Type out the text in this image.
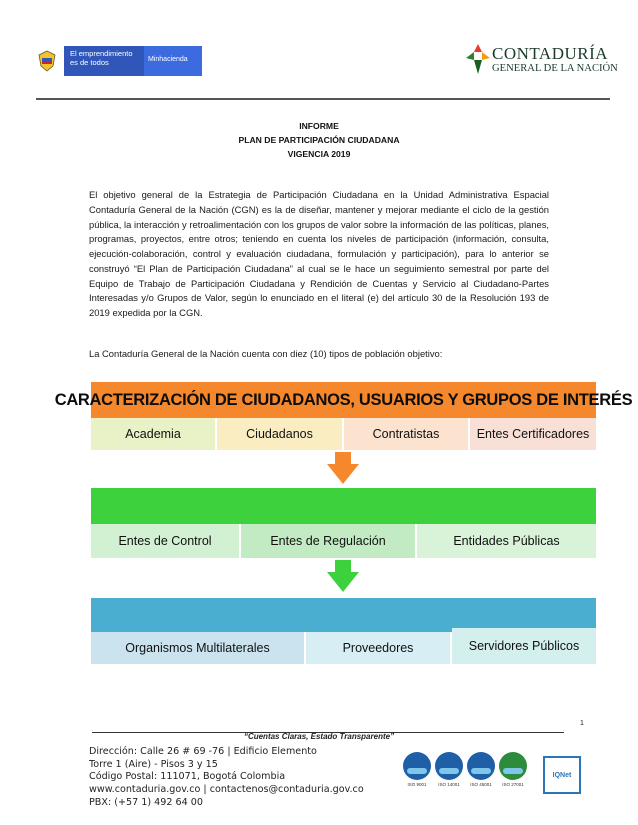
El emprendimiento es de todos	Minhacienda	CONTADURÍA
GENERAL DE LA NACIÓN
INFORME
PLAN DE PARTICIPACIÓN CIUDADANA
VIGENCIA 2019
El objetivo general de la Estrategia de Participación Ciudadana en la Unidad Administrativa Espacial Contaduría General de la Nación (CGN) es la de diseñar, mantener y mejorar mediante el ciclo de la gestión pública, la interacción y retroalimentación con los grupos de valor sobre la información de las políticas, planes, programas, proyectos, entre otros; teniendo en cuenta los niveles de participación (información, consulta, ejecución-colaboración, control y evaluación ciudadana, formulación y participación), para lo anterior se construyó “El Plan de Participación Ciudadana” al cual se le hace un seguimiento semestral por parte del Equipo de Trabajo de Participación Ciudadana y Rendición de Cuentas y Servicio al Ciudadano-Partes Interesadas y/o Grupos de Valor, según lo enunciado en el literal (e) del artículo 30 de la Resolución 193 de 2019 expedida por la CGN.
La Contaduría General de la Nación cuenta con diez (10) tipos de población objetivo:
CARACTERIZACIÓN DE CIUDADANOS, USUARIOS Y GRUPOS DE INTERÉS
Academia	Ciudadanos	Contratistas	Entes Certificadores
Entes de Control	Entes de Regulación	Entidades Públicas
Organismos Multilaterales	Proveedores	Servidores Públicos
1
“Cuentas Claras, Estado Transparente”
Dirección: Calle 26 # 69 -76 | Edificio Elemento
Torre 1 (Aire) - Pisos 3 y 15
Código Postal: 111071, Bogotá Colombia
www.contaduria.gov.co | contactenos@contaduria.gov.co
PBX: (+57 1) 492 64 00
ISO 9001	ISO 14001	ISO 45001	ISO 27001
IQNet
